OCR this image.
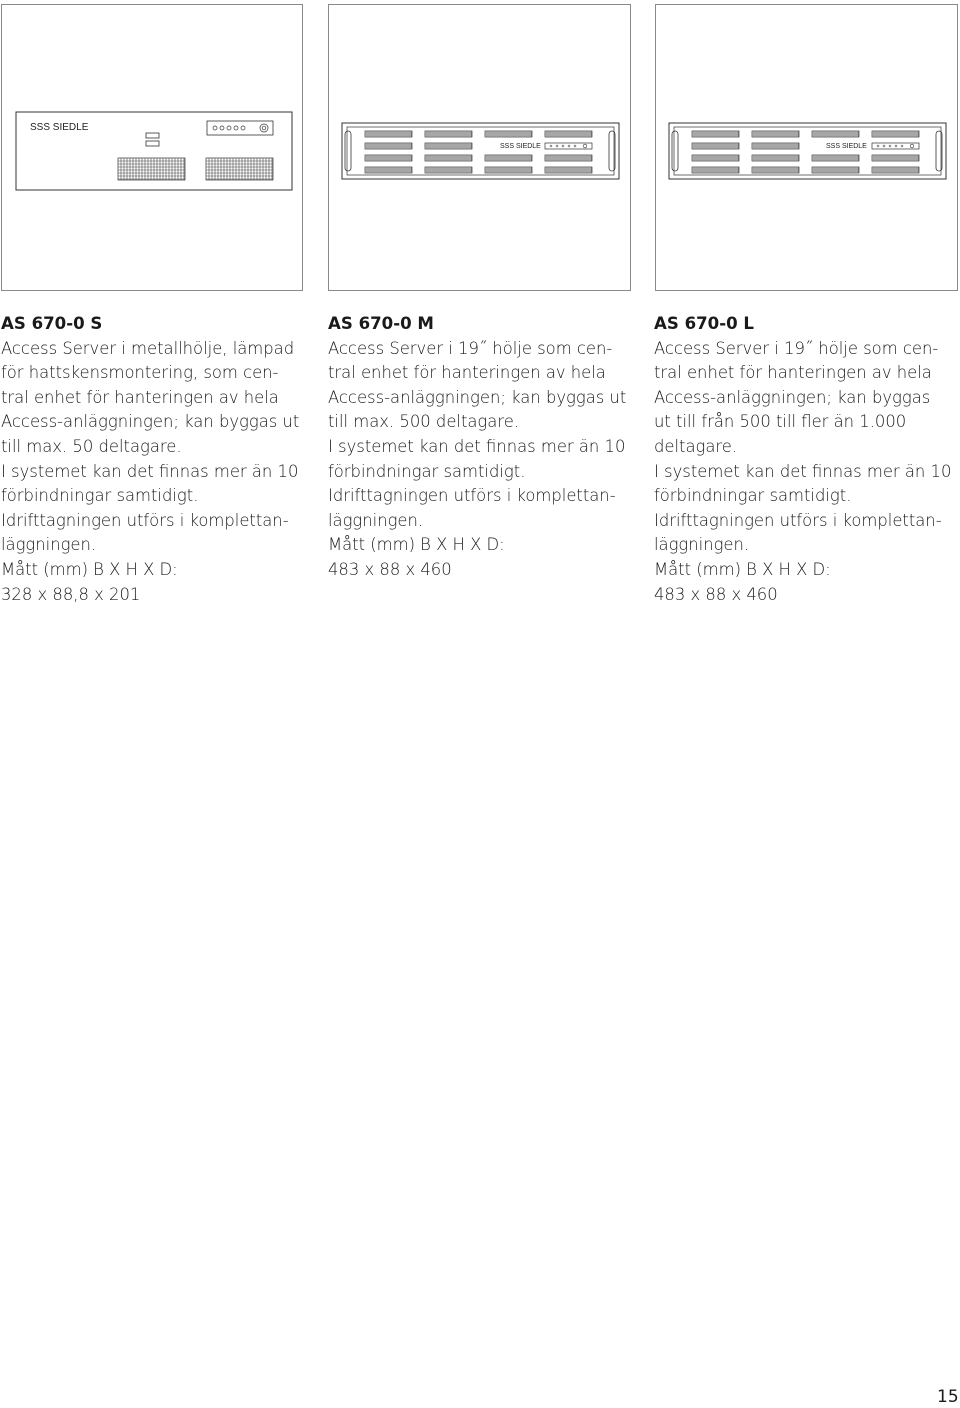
SSS SIEDLE
SSS SIEDLE	SSS SIEDLE
AS 670-0 S
Access Server i metallhölje, lämpad
för hattskensmontering, som cen-
tral enhet för hanteringen av hela
Access-anläggningen; kan byggas ut
till max. 50 deltagare.
I systemet kan det finnas mer än 10
förbindningar samtidigt.
Idrifttagningen utförs i komplettan-
läggningen.
Mått (mm) B X H X D:
328 x 88,8 x 201
AS 670-0 M
Access Server i 19˝ hölje som cen-
tral enhet för hanteringen av hela
Access-anläggningen; kan byggas ut
till max. 500 deltagare.
I systemet kan det finnas mer än 10
förbindningar samtidigt.
Idrifttagningen utförs i komplettan-
läggningen.
Mått (mm) B X H X D:
483 x 88 x 460
AS 670-0 L
Access Server i 19˝ hölje som cen-
tral enhet för hanteringen av hela
Access-anläggningen; kan byggas
ut till från 500 till fler än 1.000
deltagare.
I systemet kan det finnas mer än 10
förbindningar samtidigt.
Idrifttagningen utförs i komplettan-
läggningen.
Mått (mm) B X H X D:
483 x 88 x 460
15
